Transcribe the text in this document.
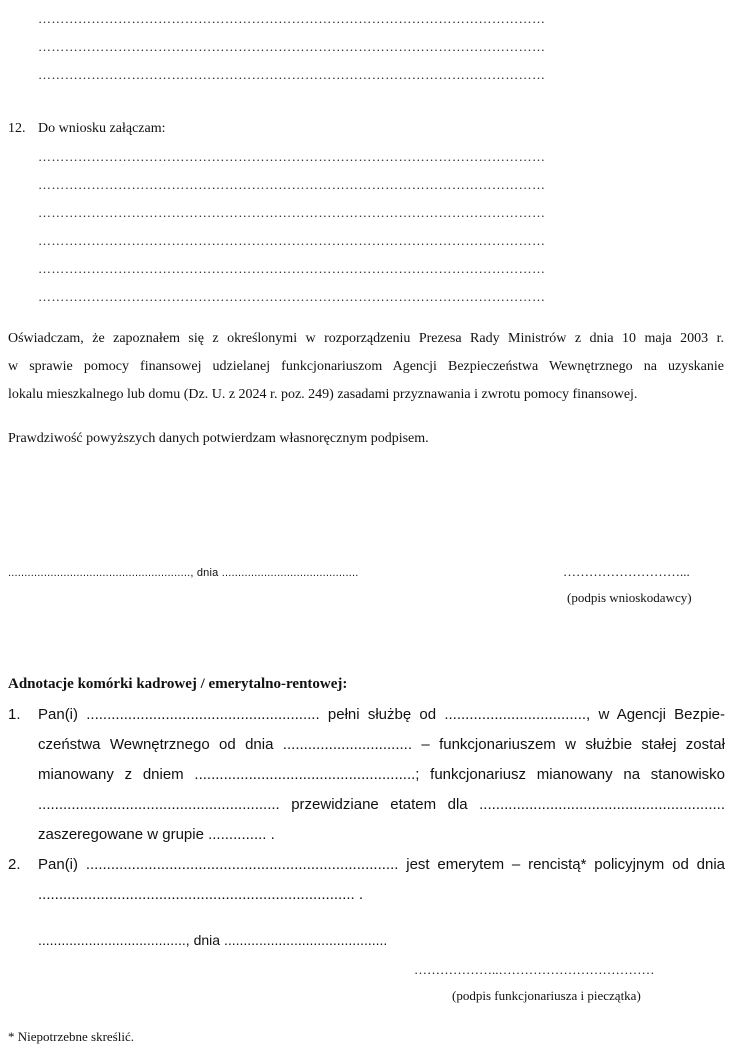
……………………………………………………………………………………………………
……………………………………………………………………………………………………
……………………………………………………………………………………………………
12. Do wniosku załączam:
……………………………………………………………………………………………………
……………………………………………………………………………………………………
……………………………………………………………………………………………………
……………………………………………………………………………………………………
……………………………………………………………………………………………………
……………………………………………………………………………………………………
Oświadczam, że zapoznałem się z określonymi w rozporządzeniu Prezesa Rady Ministrów z dnia 10 maja 2003 r.
w sprawie pomocy finansowej udzielanej funkcjonariuszom Agencji Bezpieczeństwa Wewnętrznego na uzyskanie
lokalu mieszkalnego lub domu (Dz. U. z 2024 r. poz. 249) zasadami przyznawania i zwrotu pomocy finansowej.
Prawdziwość powyższych danych potwierdzam własnoręcznym podpisem.
........................................................, dnia ..........................................	………………………...
(podpis wnioskodawcy)
Adnotacje komórki kadrowej / emerytalno-rentowej:
1. Pan(i) ........................................................ pełni służbę od .................................., w Agencji Bezpie-
czeństwa Wewnętrznego od dnia ............................... – funkcjonariuszem w służbie stałej został
mianowany z dniem .....................................................; funkcjonariusz mianowany na stanowisko
.......................................................... przewidziane etatem dla ...........................................................
zaszeregowane w grupie .............. .
2. Pan(i) ........................................................................... jest emerytem – rencistą* policyjnym od dnia
............................................................................ .
......................................, dnia ..........................................
………………..………………………………
(podpis funkcjonariusza i pieczątka)
* Niepotrzebne skreślić.
